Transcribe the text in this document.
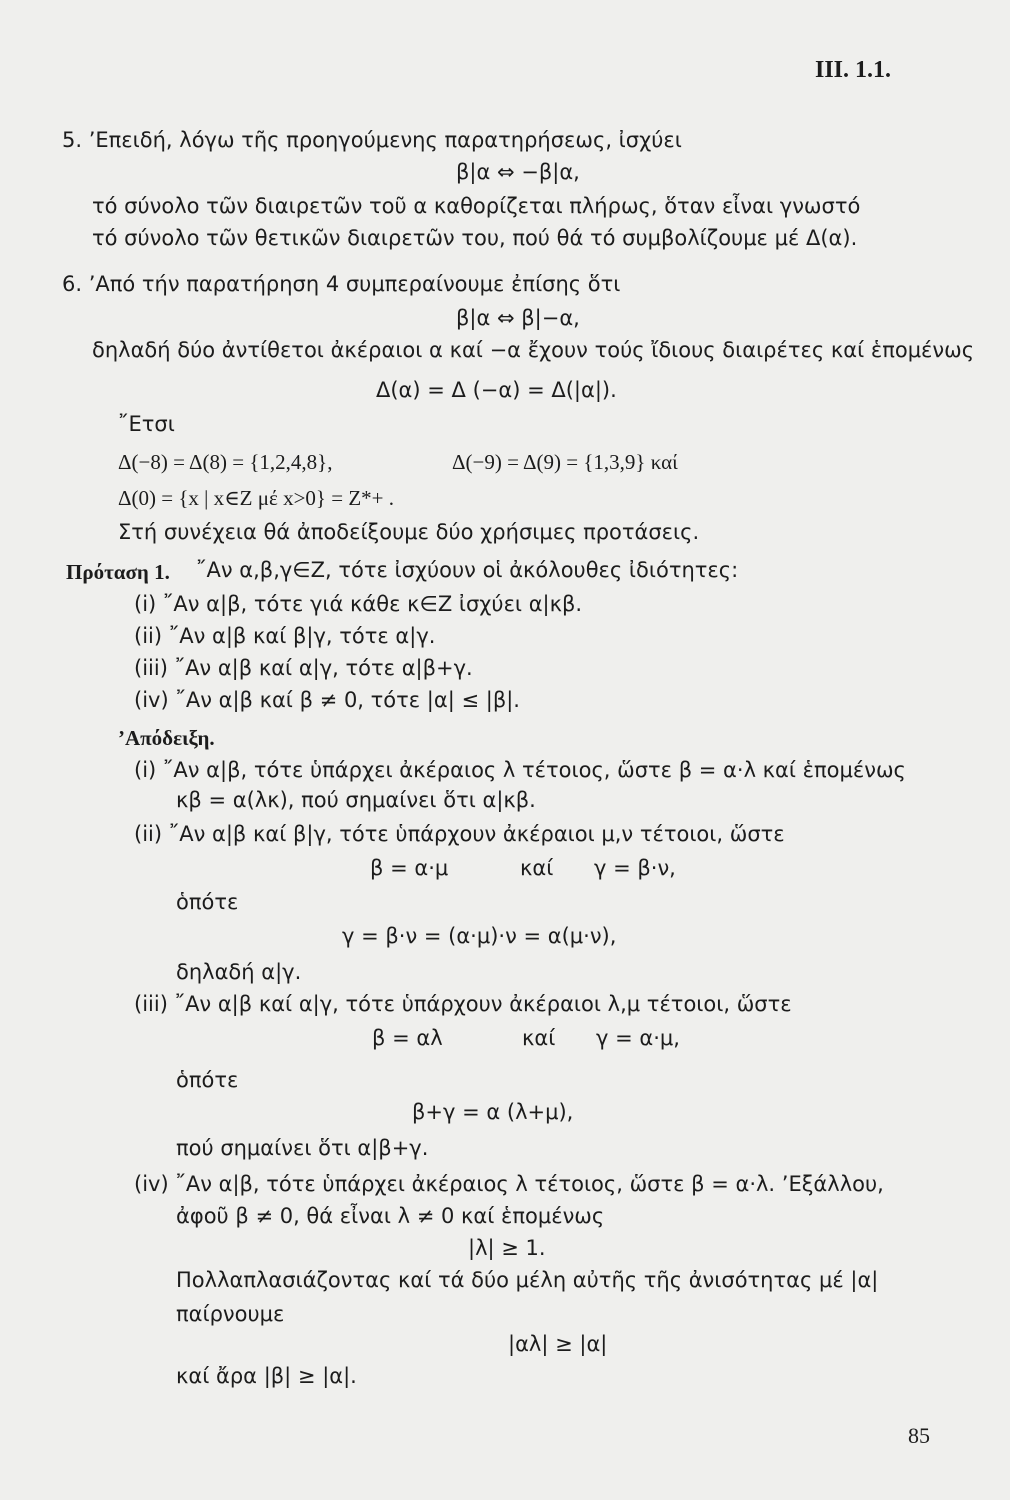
III. 1.1.
5. ’Επειδή, λόγω τῆς προηγούμενης παρατηρήσεως, ἰσχύει
β|α ⇔ −β|α,
τό σύνολο τῶν διαιρετῶν τοῦ α καθορίζεται πλήρως, ὅταν εἶναι γνωστό
τό σύνολο τῶν θετικῶν διαιρετῶν του, πού θά τό συμβολίζουμε μέ Δ(α).
6. ’Από τήν παρατήρηση 4 συμπεραίνουμε ἐπίσης ὅτι
β|α ⇔ β|−α,
δηλαδή δύο ἀντίθετοι ἀκέραιοι α καί −α ἔχουν τούς ἴδιους διαιρέτες καί ἑπομένως
Δ(α) = Δ (−α) = Δ(|α|).
῎Ετσι
Δ(−8) = Δ(8) = {1,2,4,8},	Δ(−9) = Δ(9) = {1,3,9} καί
Δ(0) = {x | x∈Z μέ x>0} = Z*+ .
Στή συνέχεια θά ἀποδείξουμε δύο χρήσιμες προτάσεις.
Πρόταση 1. ῎Αν α,β,γ∈Z, τότε ἰσχύουν οἱ ἀκόλουθες ἰδιότητες:
(i) ῎Αν α|β, τότε γιά κάθε κ∈Z ἰσχύει α|κβ.
(ii) ῎Αν α|β καί β|γ, τότε α|γ.
(iii) ῎Αν α|β καί α|γ, τότε α|β+γ.
(iv) ῎Αν α|β καί β ≠ 0, τότε |α| ≤ |β|.
’Απόδειξη.
(i) ῎Αν α|β, τότε ὑπάρχει ἀκέραιος λ τέτοιος, ὥστε β = α·λ καί ἑπομένως
κβ = α(λκ), πού σημαίνει ὅτι α|κβ.
(ii) ῎Αν α|β καί β|γ, τότε ὑπάρχουν ἀκέραιοι μ,ν τέτοιοι, ὥστε
β = α·μ	καί γ = β·ν,
ὁπότε
γ = β·ν = (α·μ)·ν = α(μ·ν),
δηλαδή α|γ.
(iii) ῎Αν α|β καί α|γ, τότε ὑπάρχουν ἀκέραιοι λ,μ τέτοιοι, ὥστε
β = αλ	καί γ = α·μ,
ὁπότε
β+γ = α (λ+μ),
πού σημαίνει ὅτι α|β+γ.
(iv) ῎Αν α|β, τότε ὑπάρχει ἀκέραιος λ τέτοιος, ὥστε β = α·λ. ’Εξάλλου,
ἀφοῦ β ≠ 0, θά εἶναι λ ≠ 0 καί ἑπομένως
|λ| ≥ 1.
Πολλαπλασιάζοντας καί τά δύο μέλη αὐτῆς τῆς ἀνισότητας μέ |α|
παίρνουμε
|αλ| ≥ |α|
καί ἄρα |β| ≥ |α|.
85
